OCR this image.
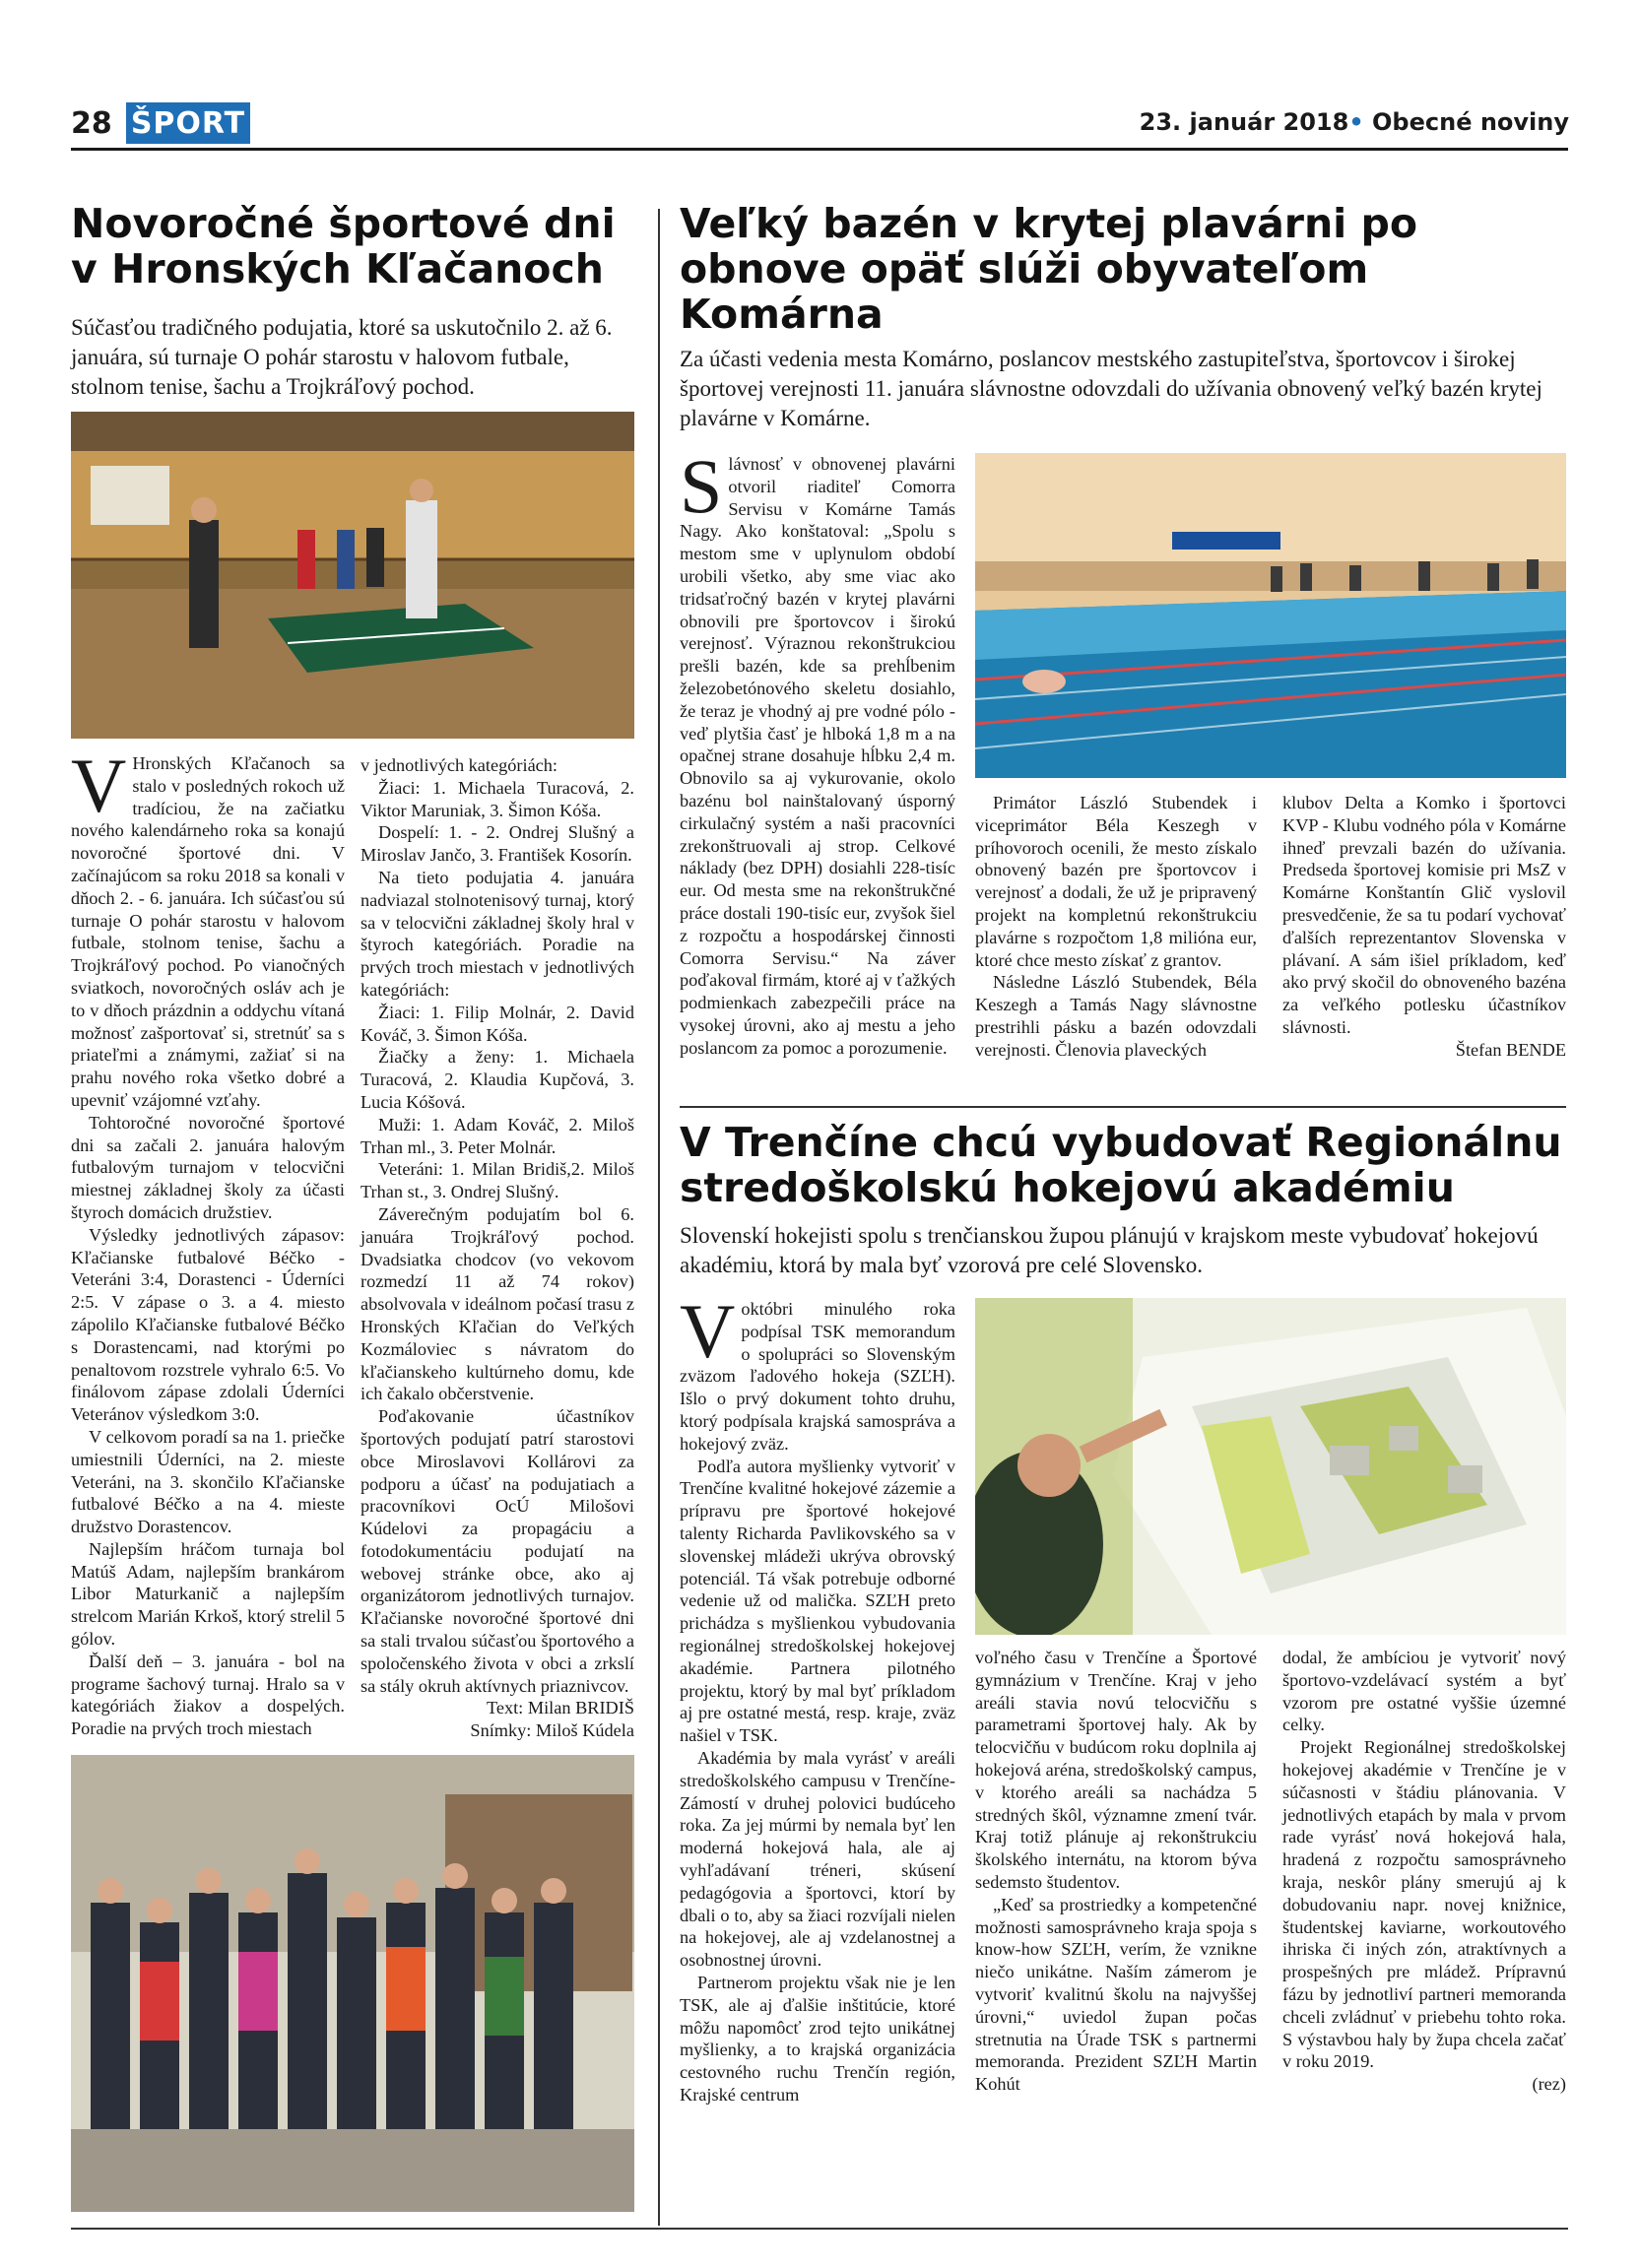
28 ŠPORT	23. január 2018• Obecné noviny
Novoročné športové dni v Hronských Kľačanoch
Súčasťou tradičného podujatia, ktoré sa uskutočnilo 2. až 6. januára, sú turnaje O pohár starostu v halovom futbale, stolnom tenise, šachu a Trojkráľový pochod.

V Hronských Kľačanoch sa stalo v posledných rokoch už tradíciou, že na začiatku nového kalendárneho roka sa konajú novoročné športové dni. V začínajúcom sa roku 2018 sa konali v dňoch 2. - 6. januára. Ich súčasťou sú turnaje O pohár starostu v halovom futbale, stolnom tenise, šachu a Trojkráľový pochod. Po vianočných sviatkoch, novoročných osláv ach je to v dňoch prázdnin a oddychu vítaná možnosť zašportovať si, stretnúť sa s priateľmi a známymi, zažiať si na prahu nového roka všetko dobré a upevniť vzájomné vzťahy.

Tohtoročné novoročné športové dni sa začali 2. januára halovým futbalovým turnajom v telocvični miestnej základnej školy za účasti štyroch domácich družstiev.

Výsledky jednotlivých zápasov: Kľačianske futbalové Béčko - Veteráni 3:4, Dorastenci - Úderníci 2:5. V zápase o 3. a 4. miesto zápolilo Kľačianske futbalové Béčko s Dorastencami, nad ktorými po penaltovom rozstrele vyhralo 6:5. Vo finálovom zápase zdolali Úderníci Veteránov výsledkom 3:0.

V celkovom poradí sa na 1. priečke umiestnili Úderníci, na 2. mieste Veteráni, na 3. skončilo Kľačianske futbalové Béčko a na 4. mieste družstvo Dorastencov.

Najlepším hráčom turnaja bol Matúš Adam, najlepším brankárom Libor Maturkanič a najlepším strelcom Marián Krkoš, ktorý strelil 5 gólov.

Ďalší deň – 3. januára - bol na programe šachový turnaj. Hralo sa v kategóriách žiakov a dospelých. Poradie na prvých troch miestach

v jednotlivých kategóriách:

Žiaci: 1. Michaela Turacová, 2. Viktor Maruniak, 3. Šimon Kóša.

Dospelí: 1. - 2. Ondrej Slušný a Miroslav Jančo, 3. František Kosorín.

Na tieto podujatia 4. januára nadviazal stolnotenisový turnaj, ktorý sa v telocvični základnej školy hral v štyroch kategóriách. Poradie na prvých troch miestach v jednotlivých kategóriách:

Žiaci: 1. Filip Molnár, 2. David Kováč, 3. Šimon Kóša.

Žiačky a ženy: 1. Michaela Turacová, 2. Klaudia Kupčová, 3. Lucia Kóšová.

Muži: 1. Adam Kováč, 2. Miloš Trhan ml., 3. Peter Molnár.

Veteráni: 1. Milan Bridiš,2. Miloš Trhan st., 3. Ondrej Slušný.

Záverečným podujatím bol 6. januára Trojkráľový pochod. Dvadsiatka chodcov (vo vekovom rozmedzí 11 až 74 rokov) absolvovala v ideálnom počasí trasu z Hronských Kľačian do Veľkých Kozmáloviec s návratom do kľačianskeho kultúrneho domu, kde ich čakalo občerstvenie.

Poďakovanie účastníkov športových podujatí patrí starostovi obce Miroslavovi Kollárovi za podporu a účasť na podujatiach a pracovníkovi OcÚ Milošovi Kúdelovi za propagáciu a fotodokumentáciu podujatí na webovej stránke obce, ako aj organizátorom jednotlivých turnajov. Kľačianske novoročné športové dni sa stali trvalou súčasťou športového a spoločenského života v obci a zrkslí sa stály okruh aktívnych priaznivcov.

Text: Milan BRIDIŠ

Snímky: Miloš Kúdela

Veľký bazén v krytej plavárni po obnove opäť slúži obyvateľom Komárna
Za účasti vedenia mesta Komárno, poslancov mestského zastupiteľstva, športovcov i širokej športovej verejnosti 11. januára slávnostne odovzdali do užívania obnovený veľký bazén krytej plavárne v Komárne.

Slávnosť v obnovenej plavárni otvoril riaditeľ Comorra Servisu v Komárne Tamás Nagy. Ako konštatoval: „Spolu s mestom sme v uplynulom období urobili všetko, aby sme viac ako tridsaťročný bazén v krytej plavárni obnovili pre športovcov i širokú verejnosť. Výraznou rekonštrukciou prešli bazén, kde sa prehĺbenim železobetónového skeletu dosiahlo, že teraz je vhodný aj pre vodné pólo - veď plytšia časť je hlboká 1,8 m a na opačnej strane dosahuje hĺbku 2,4 m. Obnovilo sa aj vykurovanie, okolo bazénu bol nainštalovaný úsporný cirkulačný systém a naši pracovníci zrekonštruovali aj strop. Celkové náklady (bez DPH) dosiahli 228-tisíc eur. Od mesta sme na rekonštrukčné práce dostali 190-tisíc eur, zvyšok šiel z rozpočtu a hospodárskej činnosti Comorra Servisu.“ Na záver poďakoval firmám, ktoré aj v ťažkých podmienkach zabezpečili práce na vysokej úrovni, ako aj mestu a jeho poslancom za pomoc a porozumenie.

Primátor László Stubendek i viceprimátor Béla Keszegh v príhovoroch ocenili, že mesto získalo obnovený bazén pre športovcov i verejnosť a dodali, že už je pripravený projekt na kompletnú rekonštrukciu plavárne s rozpočtom 1,8 milióna eur, ktoré chce mesto získať z grantov.

Následne László Stubendek, Béla Keszegh a Tamás Nagy slávnostne prestrihli pásku a bazén odovzdali verejnosti. Členovia plaveckých

klubov Delta a Komko i športovci KVP - Klubu vodného póla v Komárne ihneď prevzali bazén do užívania. Predseda športovej komisie pri MsZ v Komárne Konštantín Glič vyslovil presvedčenie, že sa tu podarí vychovať ďalších reprezentantov Slovenska v plávaní. A sám išiel príkladom, keď ako prvý skočil do obnoveného bazéna za veľkého potlesku účastníkov slávnosti.

Štefan BENDE

V Trenčíne chcú vybudovať Regionálnu stredoškolskú hokejovú akadémiu
Slovenskí hokejisti spolu s trenčianskou župou plánujú v krajskom meste vybudovať hokejovú akadémiu, ktorá by mala byť vzorová pre celé Slovensko.

Voktóbri minulého roka podpísal TSK memorandum o spolupráci so Slovenským zväzom ľadového hokeja (SZĽH). Išlo o prvý dokument tohto druhu, ktorý podpísala krajská samospráva a hokejový zväz.

Podľa autora myšlienky vytvoriť v Trenčíne kvalitné hokejové zázemie a prípravu pre športové hokejové talenty Richarda Pavlikovského sa v slovenskej mládeži ukrýva obrovský potenciál. Tá však potrebuje odborné vedenie už od malička. SZĽH preto prichádza s myšlienkou vybudovania regionálnej stredoškolskej hokejovej akadémie. Partnera pilotného projektu, ktorý by mal byť príkladom aj pre ostatné mestá, resp. kraje, zväz našiel v TSK.

Akadémia by mala vyrásť v areáli stredoškolského campusu v Trenčíne-Zámostí v druhej polovici budúceho roka. Za jej múrmi by nemala byť len moderná hokejová hala, ale aj vyhľadávaní tréneri, skúsení pedagógovia a športovci, ktorí by dbali o to, aby sa žiaci rozvíjali nielen na hokejovej, ale aj vzdelanostnej a osobnostnej úrovni.

Partnerom projektu však nie je len TSK, ale aj ďalšie inštitúcie, ktoré môžu napomôcť zrod tejto unikátnej myšlienky, a to krajská organizácia cestovného ruchu Trenčín región, Krajské centrum

voľného času v Trenčíne a Športové gymnázium v Trenčíne. Kraj v jeho areáli stavia novú telocvičňu s parametrami športovej haly. Ak by telocvičňu v budúcom roku doplnila aj hokejová aréna, stredoškolský campus, v ktorého areáli sa nachádza 5 stredných škôl, významne zmení tvár. Kraj totiž plánuje aj rekonštrukciu školského internátu, na ktorom býva sedemsto študentov.

„Keď sa prostriedky a kompetenčné možnosti samosprávneho kraja spoja s know-how SZĽH, verím, že vznikne niečo unikátne. Naším zámerom je vytvoriť kvalitnú školu na najvyššej úrovni,“ uviedol župan počas stretnutia na Úrade TSK s partnermi memoranda. Prezident SZĽH Martin Kohút

dodal, že ambíciou je vytvoriť nový športovo-vzdelávací systém a byť vzorom pre ostatné vyššie územné celky.

Projekt Regionálnej stredoškolskej hokejovej akadémie v Trenčíne je v súčasnosti v štádiu plánovania. V jednotlivých etapách by mala v prvom rade vyrásť nová hokejová hala, hradená z rozpočtu samosprávneho kraja, neskôr plány smerujú aj k dobudovaniu napr. novej knižnice, študentskej kaviarne, workoutového ihriska či iných zón, atraktívnych a prospešných pre mládež. Prípravnú fázu by jednotliví partneri memoranda chceli zvládnuť v priebehu tohto roka. S výstavbou haly by župa chcela začať v roku 2019.

(rez)
